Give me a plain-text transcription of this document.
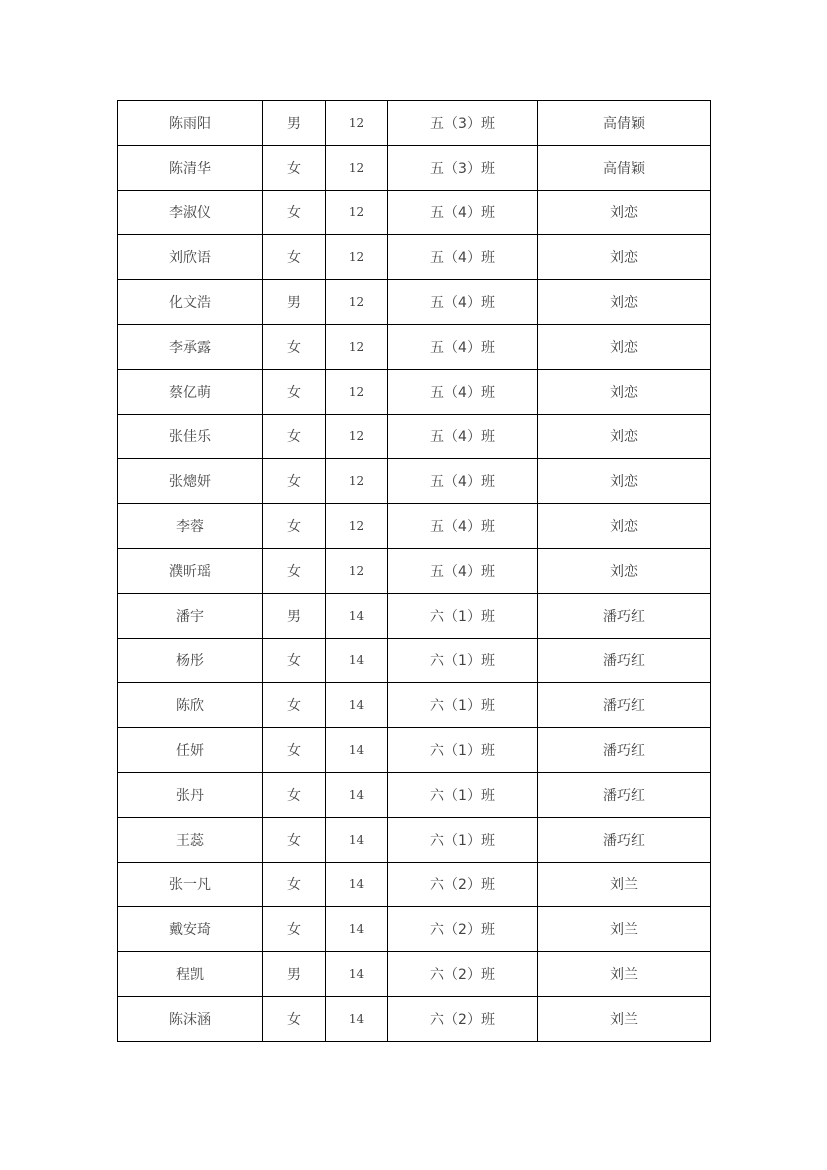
陈雨阳	男	12	五（3）班	高倩颖
陈清华	女	12	五（3）班	高倩颖
李淑仪	女	12	五（4）班	刘恋
刘欣语	女	12	五（4）班	刘恋
化文浩	男	12	五（4）班	刘恋
李承露	女	12	五（4）班	刘恋
蔡亿萌	女	12	五（4）班	刘恋
张佳乐	女	12	五（4）班	刘恋
张熜妍	女	12	五（4）班	刘恋
李蓉	女	12	五（4）班	刘恋
濮昕瑶	女	12	五（4）班	刘恋
潘宇	男	14	六（1）班	潘巧红
杨彤	女	14	六（1）班	潘巧红
陈欣	女	14	六（1）班	潘巧红
任妍	女	14	六（1）班	潘巧红
张丹	女	14	六（1）班	潘巧红
王蕊	女	14	六（1）班	潘巧红
张一凡	女	14	六（2）班	刘兰
戴安琦	女	14	六（2）班	刘兰
程凯	男	14	六（2）班	刘兰
陈沫涵	女	14	六（2）班	刘兰
